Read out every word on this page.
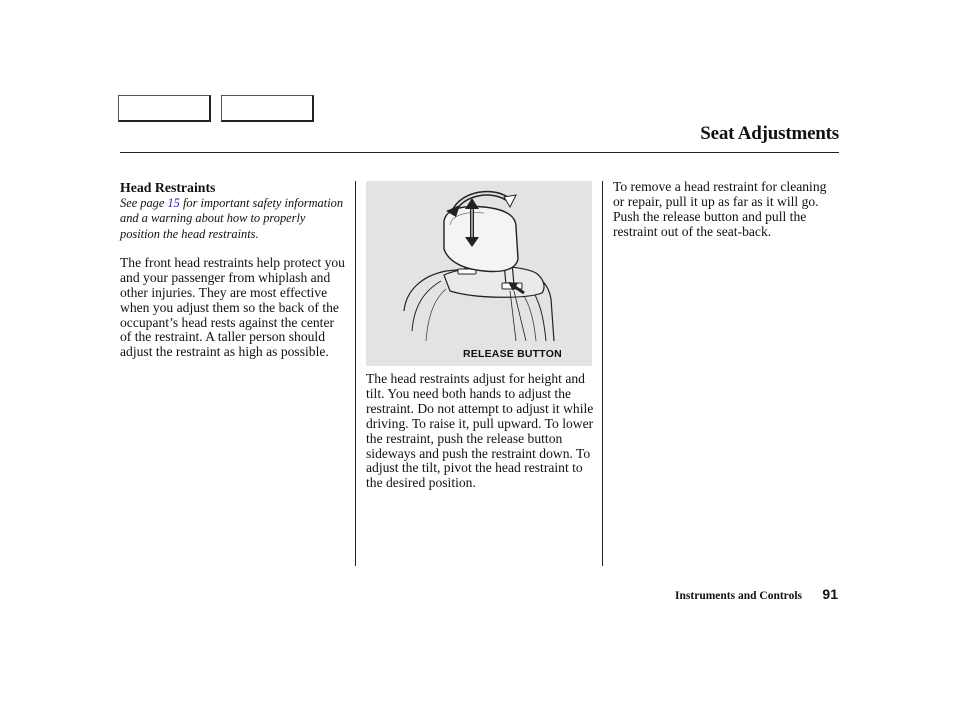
Seat Adjustments
Head Restraints
See page 15 for important safety information and a warning about how to properly position the head restraints.
The front head restraints help protect you and your passenger from whiplash and other injuries. They are most effective when you adjust them so the back of the occupant’s head rests against the center of the restraint. A taller person should adjust the restraint as high as possible.	RELEASE BUTTON
The head restraints adjust for height and tilt. You need both hands to adjust the restraint. Do not attempt to adjust it while driving. To raise it, pull upward. To lower the restraint, push the release button sideways and push the restraint down. To adjust the tilt, pivot the head restraint to the desired position.
To remove a head restraint for cleaning or repair, pull it up as far as it will go. Push the release button and pull the restraint out of the seat-back.
Instruments and Controls 91
